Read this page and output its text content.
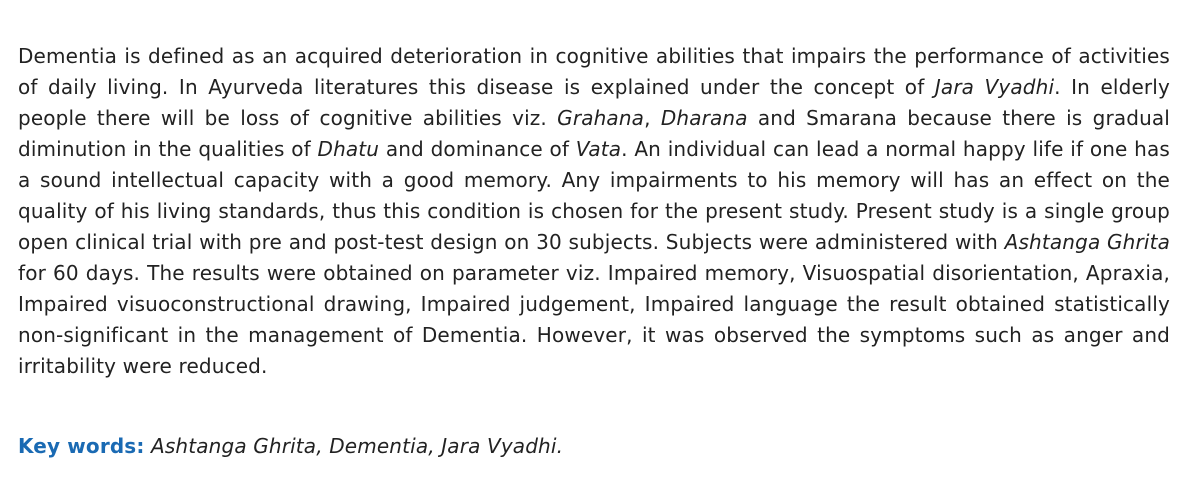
Dementia is defined as an acquired deterioration in cognitive abilities that impairs the performance of activities of daily living. In Ayurveda literatures this disease is explained under the concept of Jara Vyadhi. In elderly people there will be loss of cognitive abilities viz. Grahana, Dharana and Smarana because there is gradual diminution in the qualities of Dhatu and dominance of Vata. An individual can lead a normal happy life if one has a sound intellectual capacity with a good memory. Any impairments to his memory will has an effect on the quality of his living standards, thus this condition is chosen for the present study. Present study is a single group open clinical trial with pre and post-test design on 30 subjects. Subjects were administered with Ashtanga Ghrita for 60 days. The results were obtained on parameter viz. Impaired memory, Visuospatial disorientation, Apraxia, Impaired visuoconstructional drawing, Impaired judgement, Impaired language the result obtained statistically non-significant in the management of Dementia. However, it was observed the symptoms such as anger and irritability were reduced.

Key words: Ashtanga Ghrita, Dementia, Jara Vyadhi.
